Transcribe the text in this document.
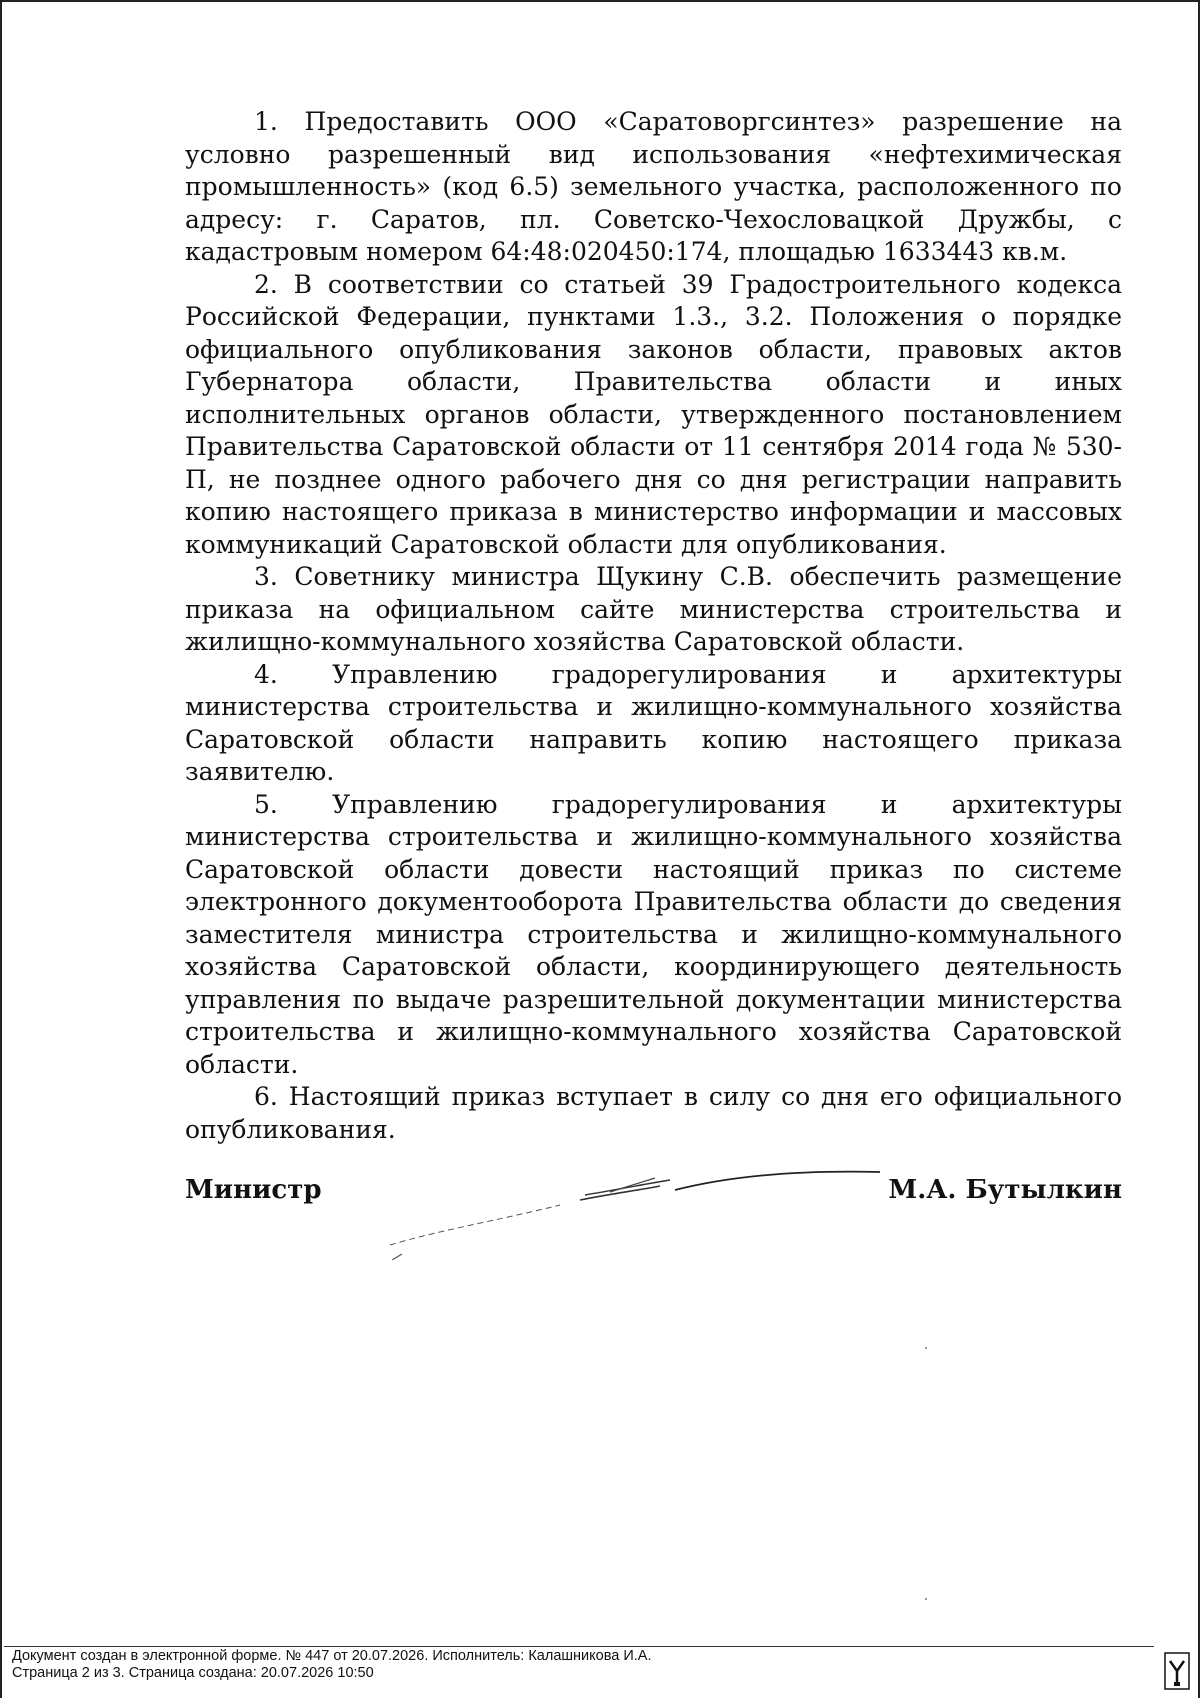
1. Предоставить ООО «Саратоворгсинтез» разрешение на условно разрешенный вид использования «нефтехимическая промышленность» (код 6.5) земельного участка, расположенного по адресу: г. Саратов, пл. Советско-Чехословацкой Дружбы, с кадастровым номером 64:48:020450:174, площадью 1633443 кв.м.

2. В соответствии со статьей 39 Градостроительного кодекса Российской Федерации, пунктами 1.3., 3.2. Положения о порядке официального опубликования законов области, правовых актов Губернатора области, Правительства области и иных исполнительных органов области, утвержденного постановлением Правительства Саратовской области от 11 сентября 2014 года № 530-П, не позднее одного рабочего дня со дня регистрации направить копию настоящего приказа в министерство информации и массовых коммуникаций Саратовской области для опубликования.

3. Советнику министра Щукину С.В. обеспечить размещение приказа на официальном сайте министерства строительства и жилищно-коммунального хозяйства Саратовской области.

4. Управлению градорегулирования и архитектуры министерства строительства и жилищно-коммунального хозяйства Саратовской области направить копию настоящего приказа заявителю.

5. Управлению градорегулирования и архитектуры министерства строительства и жилищно-коммунального хозяйства Саратовской области довести настоящий приказ по системе электронного документооборота Правительства области до сведения заместителя министра строительства и жилищно-коммунального хозяйства Саратовской области, координирующего деятельность управления по выдаче разрешительной документации министерства строительства и жилищно-коммунального хозяйства Саратовской области.

6. Настоящий приказ вступает в силу со дня его официального опубликования.

Министр	М.А. Бутылкин
Документ создан в электронной форме. № 447 от 20.07.2026. Исполнитель: Калашникова И.А.
Страница 2 из 3. Страница создана: 20.07.2026 10:50
